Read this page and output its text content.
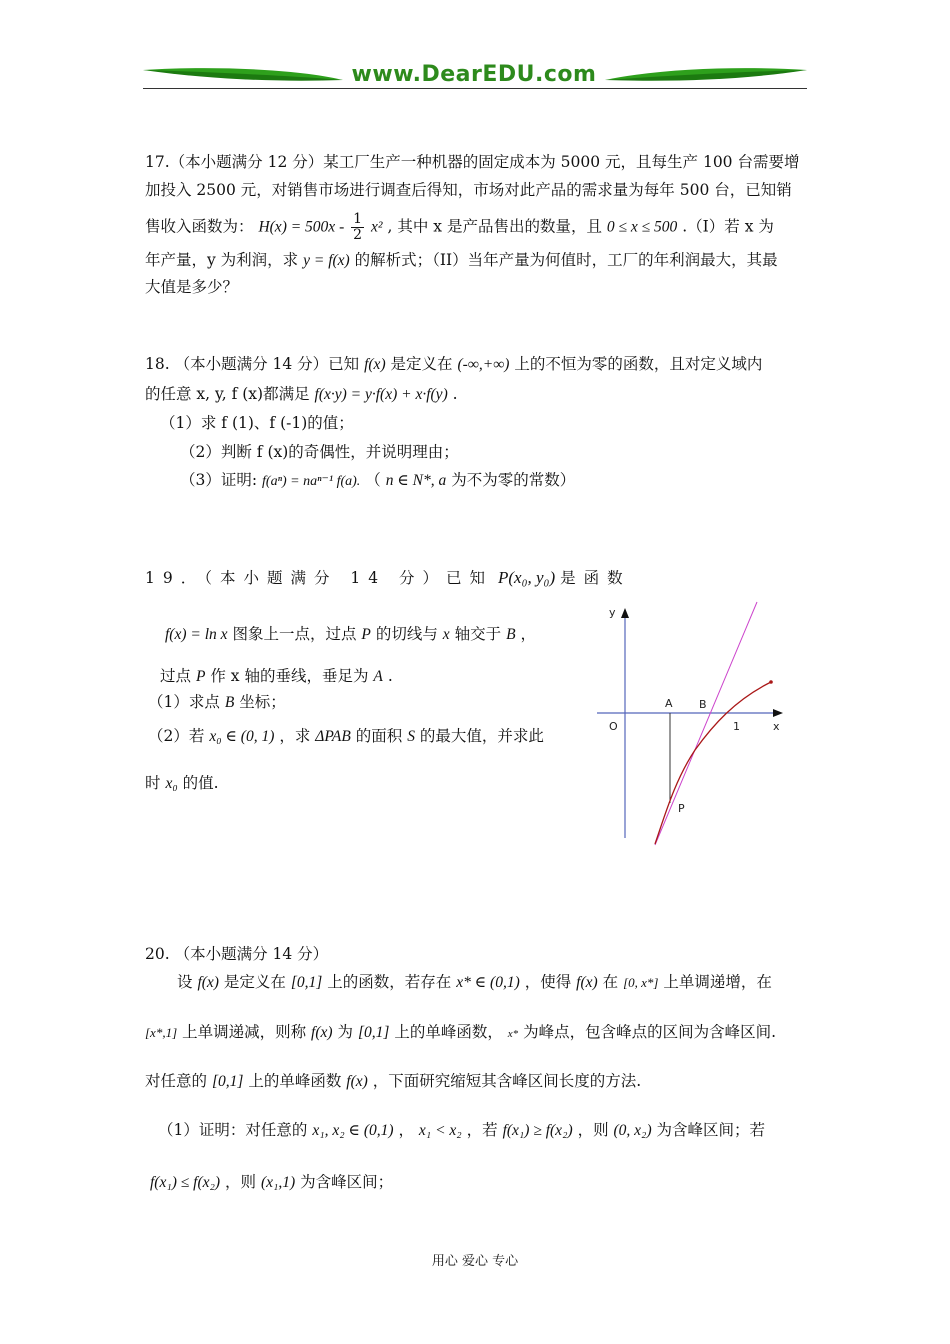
www.DearEDU.com
17.（本小题满分 12 分）某工厂生产一种机器的固定成本为 5000 元，且每生产 100 台需要增
加投入 2500 元，对销售市场进行调查后得知，市场对此产品的需求量为每年 500 台，已知销
售收入函数为： $H(x) = 500x - \frac{1}{2} x^2$ , 其中 x 是产品售出的数量，且 0 ≤ x ≤ 500 .（I）若 x 为
年产量，y 为利润，求 y = f(x) 的解析式；（II）当年产量为何值时，工厂的年利润最大，其最
大值是多少？
18. （本小题满分 14 分）已知 f(x) 是定义在 (-∞,+∞) 上的不恒为零的函数，且对定义域内
的任意 x, y, f (x)都满足 f(x·y) = y·f(x) + x·f(y) .
（1）求 f (1)、f (-1)的值；
（2）判断 f (x)的奇偶性，并说明理由；
（3）证明: f(aⁿ) = naⁿ⁻¹ f(a). （ n ∈ N*, a 为不为零的常数）
19．（本小题满分 14 分）已知 P(x₀, y₀) 是函数
f(x) = ln x 图象上一点，过点 P 的切线与 x 轴交于 B ，
过点 P 作 x 轴的垂线，垂足为 A .
（1）求点 B 坐标；
（2）若 x₀ ∈ (0, 1) ，求 ΔPAB 的面积 S 的最大值，并求此
时 x₀ 的值.
y
x
O
A B
1
P
20. （本小题满分 14 分）
设 f(x) 是定义在 [0,1] 上的函数，若存在 x* ∈ (0,1) ，使得 f(x) 在 [0, x*] 上单调递增，在
[x*,1] 上单调递减，则称 f(x) 为 [0,1] 上的单峰函数， x* 为峰点，包含峰点的区间为含峰区间.
对任意的 [0,1] 上的单峰函数 f(x) ，下面研究缩短其含峰区间长度的方法.
（1）证明：对任意的 x₁, x₂ ∈ (0,1) ， x₁ < x₂ ，若 f(x₁) ≥ f(x₂) ，则 (0, x₂) 为含峰区间；若
f(x₁) ≤ f(x₂) ，则 (x₁,1) 为含峰区间；
用心 爱心 专心
